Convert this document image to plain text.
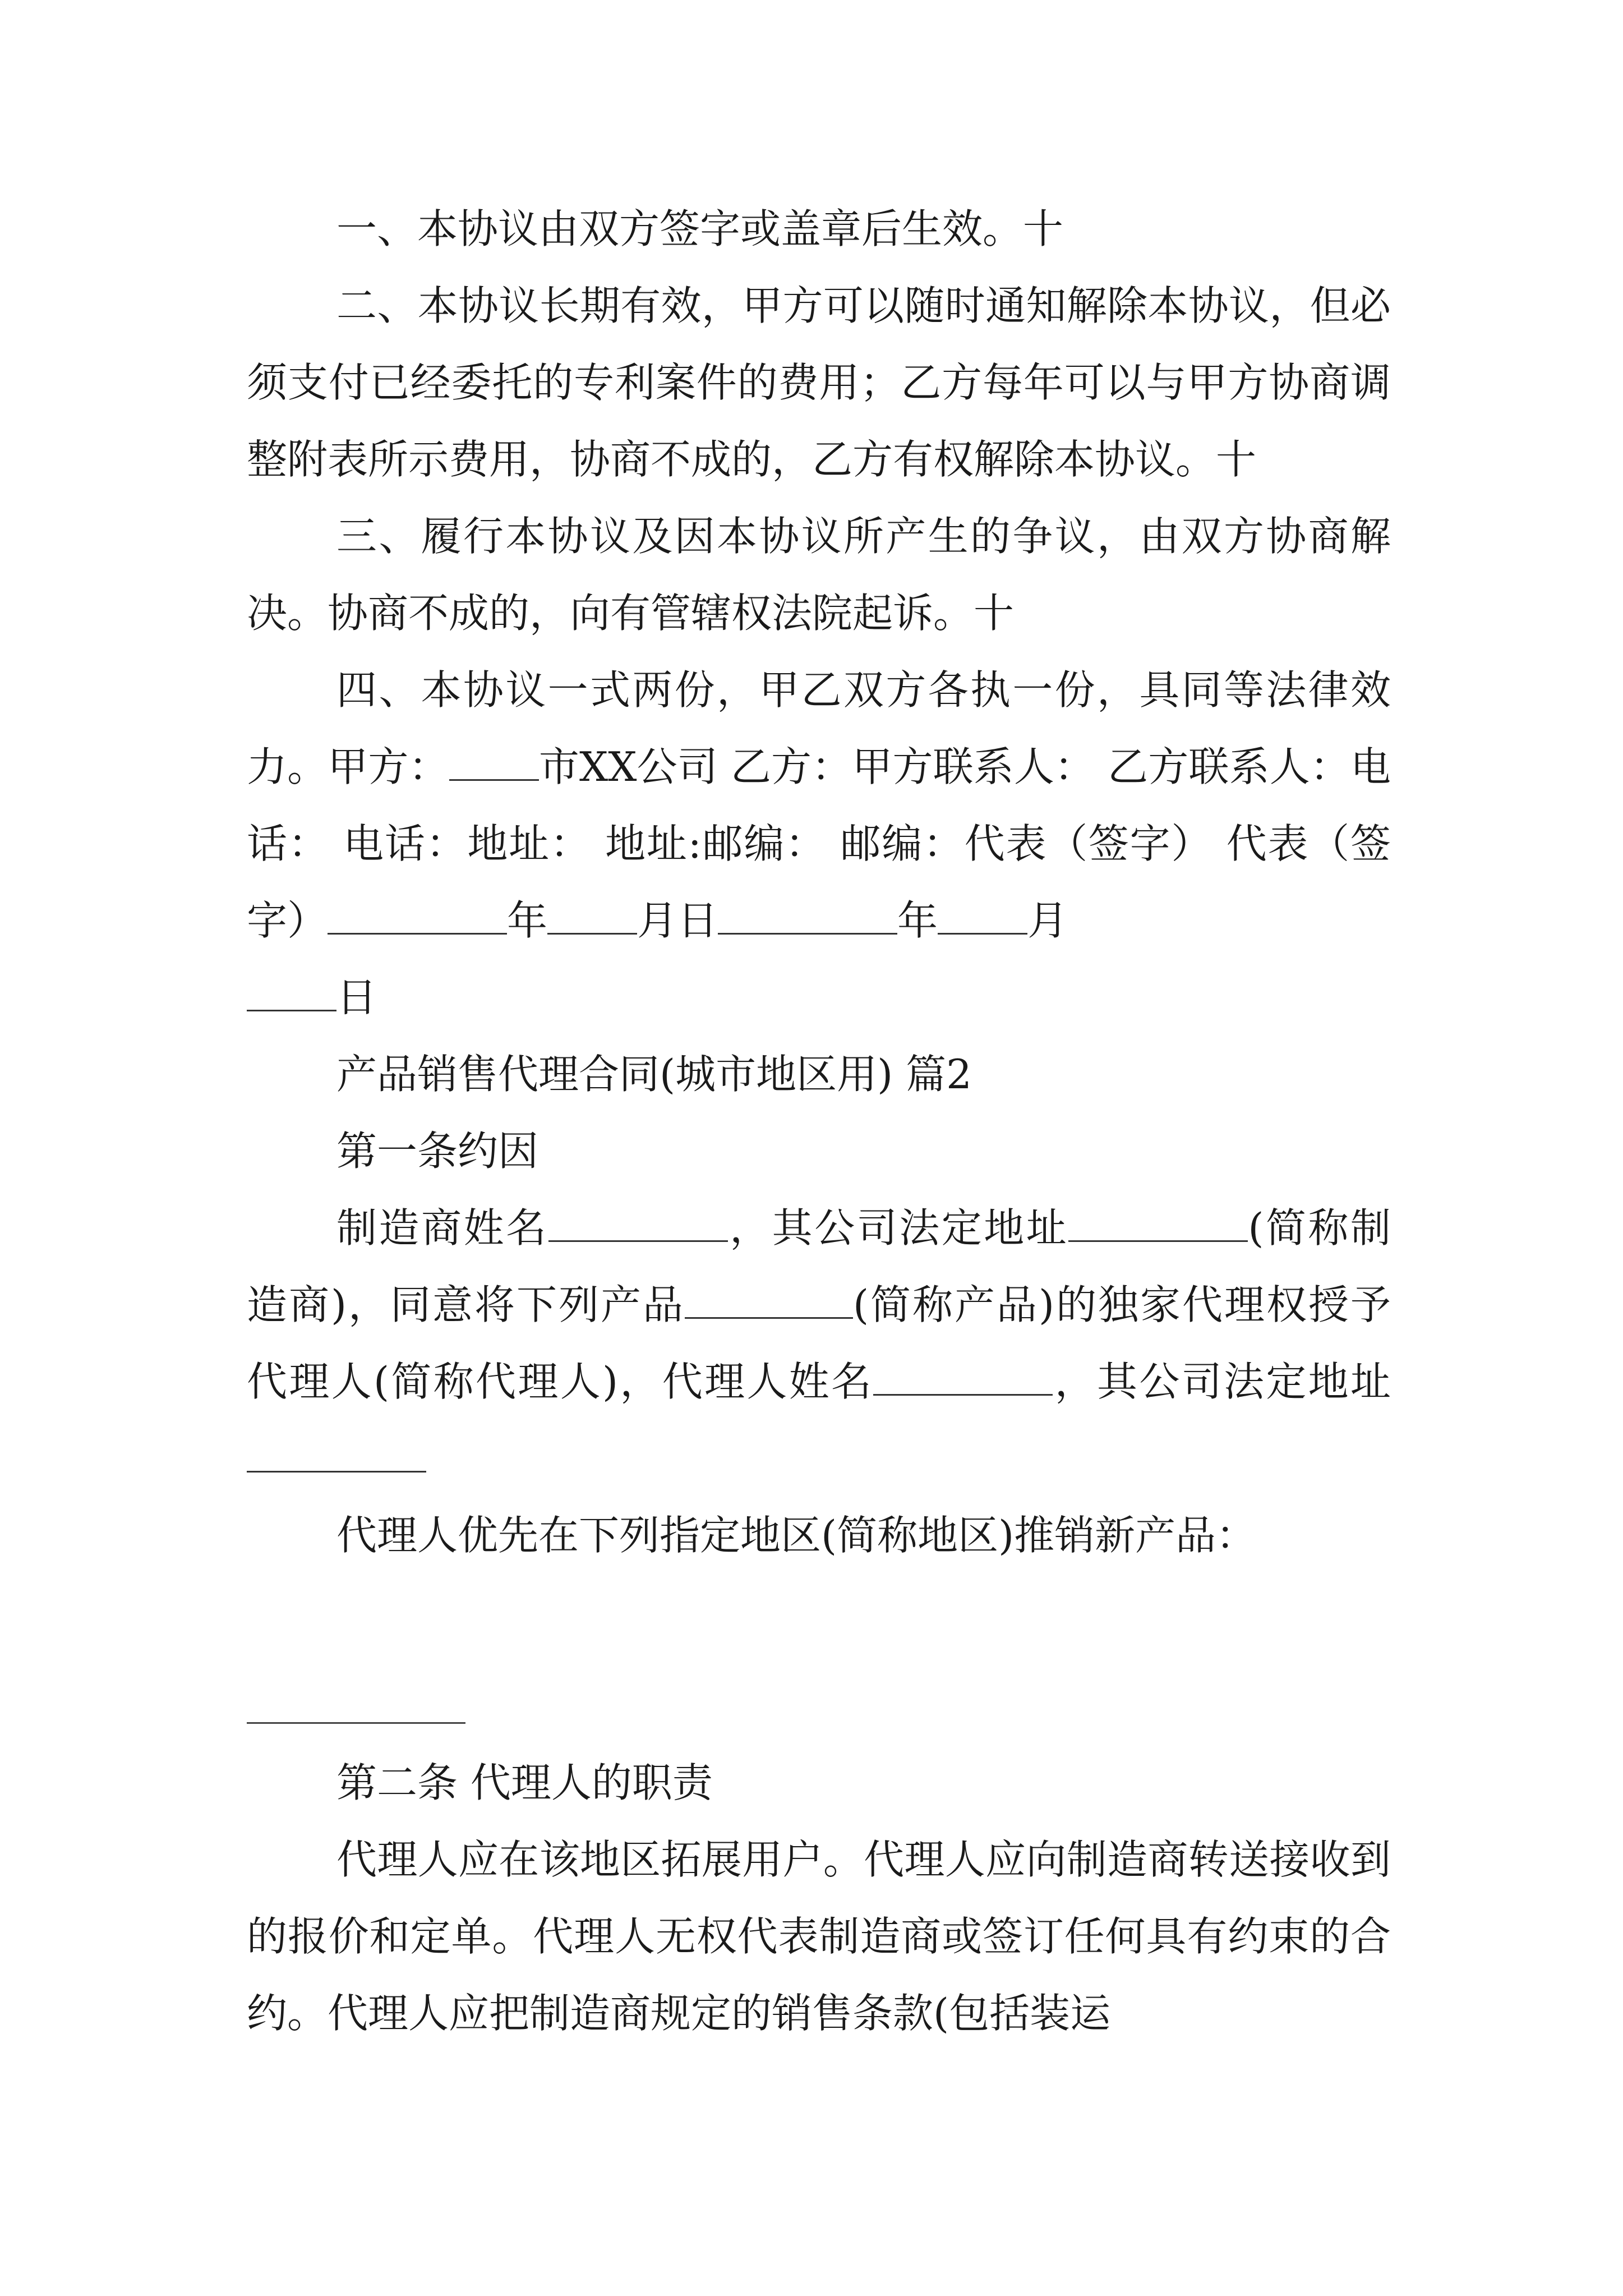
一、本协议由双方签字或盖章后生效。十

二、本协议长期有效，甲方可以随时通知解除本协议，但必须支付已经委托的专利案件的费用；乙方每年可以与甲方协商调整附表所示费用，协商不成的，乙方有权解除本协议。十

三、履行本协议及因本协议所产生的争议，由双方协商解决。协商不成的，向有管辖权法院起诉。十

四、本协议一式两份，甲乙双方各执一份，具同等法律效力。甲方： 市XX公司 乙方：甲方联系人： 乙方联系人：电话： 电话：地址： 地址:邮编： 邮编：代表（签字） 代表（签字）	年 月日	年 月
日

产品销售代理合同(城市地区用) 篇2

第一条约因

制造商姓名	，其公司法定地址	(简称制造商)，同意将下列产品	(简称产品)的独家代理权授予代理人(简称代理人)，代理人姓名	，其公司法定地址

代理人优先在下列指定地区(简称地区)推销新产品：

第二条 代理人的职责

代理人应在该地区拓展用户。代理人应向制造商转送接收到的报价和定单。代理人无权代表制造商或签订任何具有约束的合约。代理人应把制造商规定的销售条款(包括装运
